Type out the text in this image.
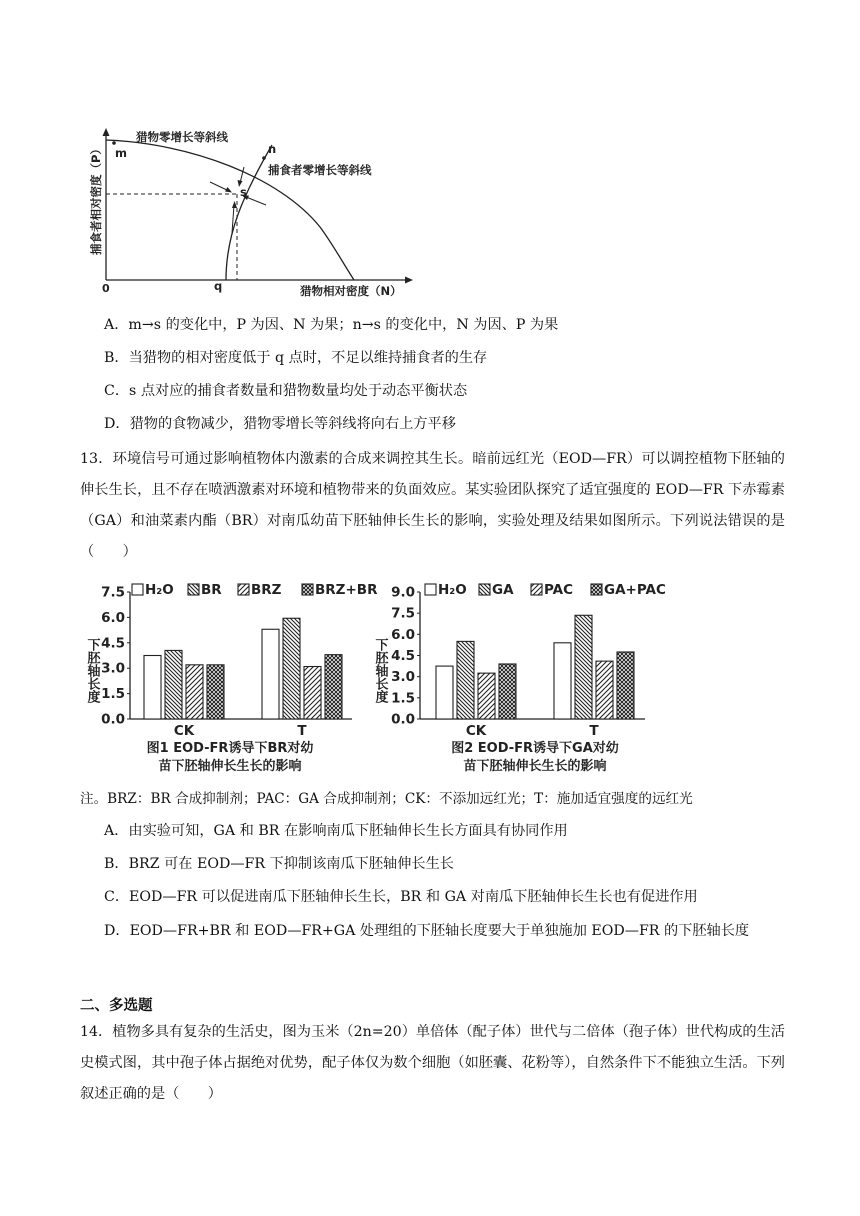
捕食者相对密度（P）
猎物相对密度（N）
0
猎物零增长等斜线
捕食者零增长等斜线
m	n
s
q
A．m→s 的变化中，P 为因、N 为果；n→s 的变化中，N 为因、P 为果
B．当猎物的相对密度低于 q 点时，不足以维持捕食者的生存
C．s 点对应的捕食者数量和猎物数量均处于动态平衡状态
D．猎物的食物减少，猎物零增长等斜线将向右上方平移
13．环境信号可通过影响植物体内激素的合成来调控其生长。暗前远红光（EOD—FR）可以调控植物下胚轴的伸长生长，且不存在喷洒激素对环境和植物带来的负面效应。某实验团队探究了适宜强度的 EOD—FR 下赤霉素（GA）和油菜素内酯（BR）对南瓜幼苗下胚轴伸长生长的影响，实验处理及结果如图所示。下列说法错误的是（　　）
0.0
1.5
3.0
4.5
6.0
7.5
下胚轴长度
H₂O BR BRZ BRZ+BR
CK	T
图1 EOD-FR诱导下BR对幼
苗下胚轴伸长生长的影响
0.0
1.5
3.0
4.5
6.0
7.5
9.0
下胚轴长度
H₂O GA PAC GA+PAC
CK	T
图2 EOD-FR诱导下GA对幼
苗下胚轴伸长生长的影响
注。BRZ：BR 合成抑制剂；PAC：GA 合成抑制剂；CK：不添加远红光；T：施加适宜强度的远红光
A．由实验可知，GA 和 BR 在影响南瓜下胚轴伸长生长方面具有协同作用
B．BRZ 可在 EOD—FR 下抑制该南瓜下胚轴伸长生长
C．EOD—FR 可以促进南瓜下胚轴伸长生长，BR 和 GA 对南瓜下胚轴伸长生长也有促进作用
D．EOD—FR+BR 和 EOD—FR+GA 处理组的下胚轴长度要大于单独施加 EOD—FR 的下胚轴长度
二、多选题
14．植物多具有复杂的生活史，图为玉米（2n=20）单倍体（配子体）世代与二倍体（孢子体）世代构成的生活史模式图，其中孢子体占据绝对优势，配子体仅为数个细胞（如胚囊、花粉等），自然条件下不能独立生活。下列叙述正确的是（　　）
